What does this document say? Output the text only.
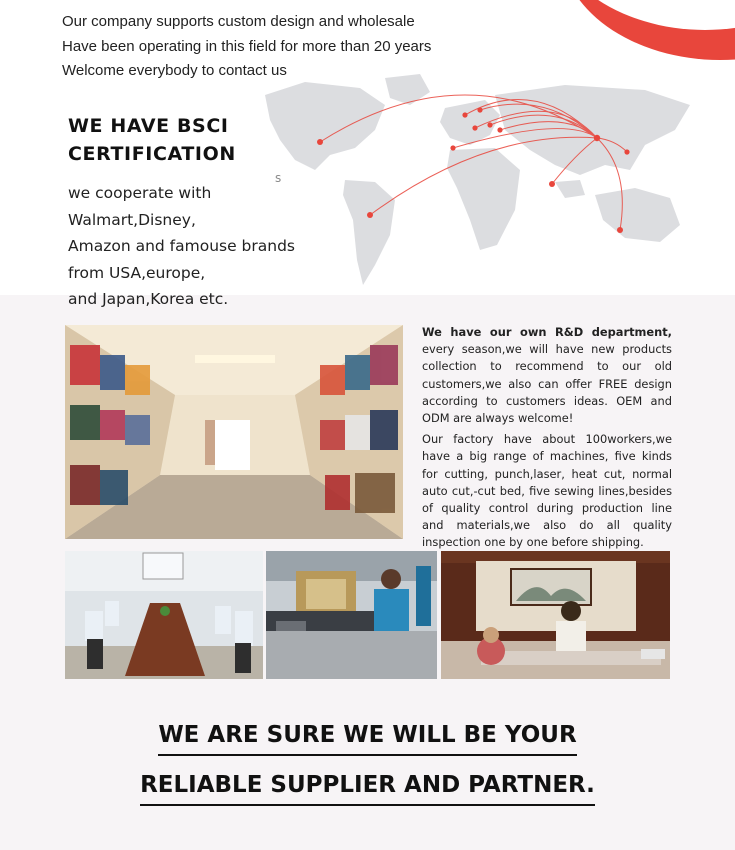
Our company supports custom design and wholesale
Have been operating in this field for more than 20 years
Welcome everybody to contact us
s
WE HAVE BSCI
CERTIFICATION
we cooperate with
Walmart,Disney,
Amazon and famouse brands
from USA,europe,
and Japan,Korea etc.

We have our own R&D department, every season,we will have new products collection to recommend to our old customers,we also can offer FREE design according to customers ideas. OEM and ODM are always welcome!

Our factory have about 100workers,we have a big range of machines, five kinds for cutting, punch,laser, heat cut, normal auto cut,-cut bed, five sewing lines,besides of quality control during production line and materials,we also do all quality inspection one by one before shipping.

WE ARE SURE WE WILL BE YOUR
RELIABLE SUPPLIER AND PARTNER.
